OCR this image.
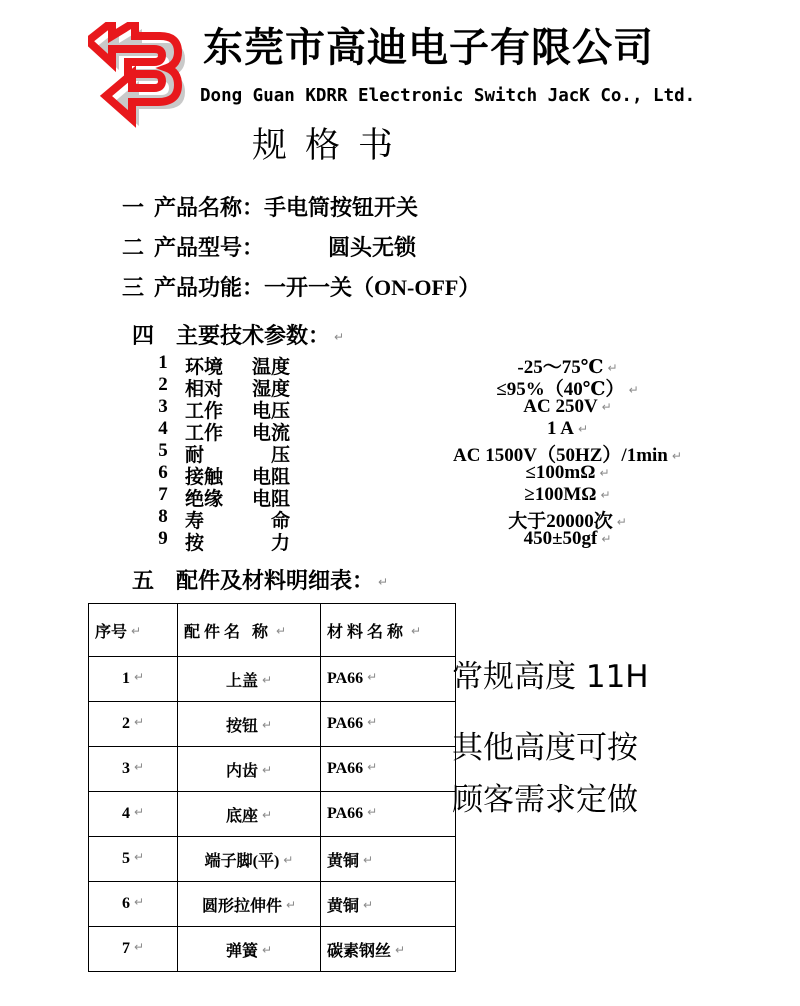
东莞市高迪电子有限公司
Dong Guan KDRR Electronic Switch JacK Co., Ltd.
规格书
一 产品名称：手电筒按钮开关
二 产品型号：	圆头无锁
三 产品功能：一开一关（ON-OFF）
四 主要技术参数： ↵
1 环境 温度	-25～75℃ ↵
2 相对 湿度	≤95%（40℃） ↵
3 工作 电压	AC 250V ↵
4 工作 电流	1 A ↵
5 耐	压	AC 1500V（50HZ）/1min ↵
6 接触 电阻	≤100mΩ ↵
7 绝缘 电阻	≥100MΩ ↵
8 寿	命	大于20000次 ↵
9 按	力	450±50gf ↵
五 配件及材料明细表： ↵
序号 ↵	配件名 称 ↵	材料名称 ↵
1 ↵	上盖 ↵	PA66 ↵
2 ↵	按钮 ↵	PA66 ↵
3 ↵	内齿 ↵	PA66 ↵
4 ↵	底座 ↵	PA66 ↵
5 ↵	端子脚(平) ↵	黄铜 ↵
6 ↵	圆形拉伸件 ↵	黄铜 ↵
7 ↵	弹簧 ↵	碳素钢丝 ↵
常规高度 11H
其他高度可按
顾客需求定做
